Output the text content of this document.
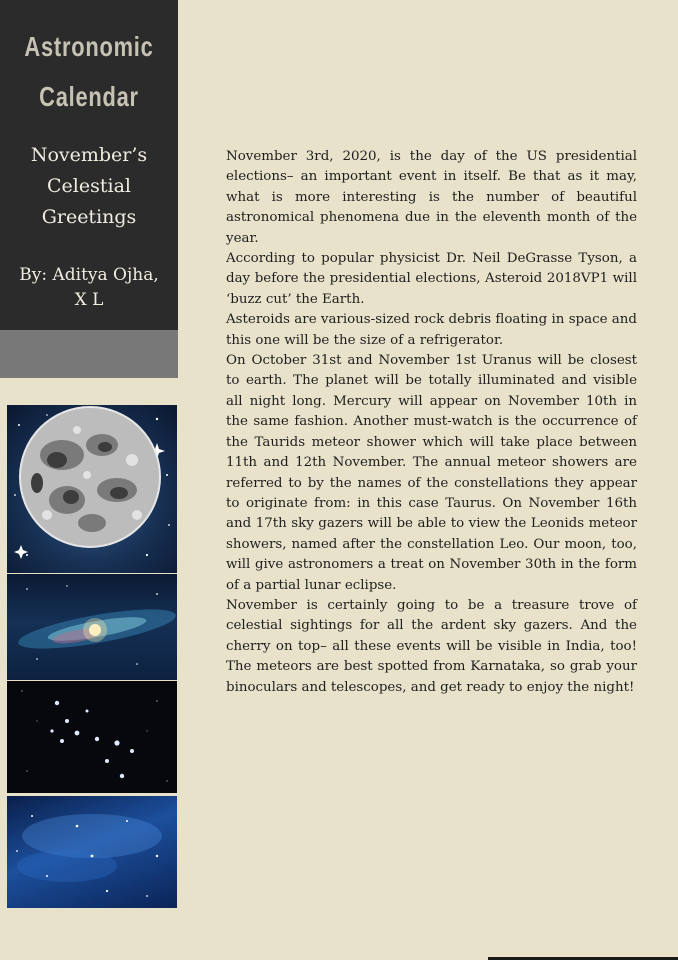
Astronomic
Calendar
November’s
Celestial
Greetings
By: Aditya Ojha,
X L

November 3rd, 2020, is the day of the US presidential elections– an important event in itself. Be that as it may, what is more interesting is the number of beautiful astronomical phenomena due in the eleventh month of the year.

According to popular physicist Dr. Neil DeGrasse Tyson, a day before the presidential elections, Asteroid 2018VP1 will ‘buzz cut’ the Earth.

Asteroids are various-sized rock debris floating in space and this one will be the size of a refrigerator.

On October 31st and November 1st Uranus will be closest to earth. The planet will be totally illuminated and visible all night long. Mercury will appear on November 10th in the same fashion. Another must-watch is the occurrence of the Taurids meteor shower which will take place between 11th and 12th November. The annual meteor showers are referred to by the names of the constellations they appear to originate from: in this case Taurus. On November 16th and 17th sky gazers will be able to view the Leonids meteor showers, named after the constellation Leo. Our moon, too, will give astronomers a treat on November 30th in the form of a partial lunar eclipse.

November is certainly going to be a treasure trove of celestial sightings for all the ardent sky gazers. And the cherry on top– all these events will be visible in India, too! The meteors are best spotted from Karnataka, so grab your binoculars and telescopes, and get ready to enjoy the night!
